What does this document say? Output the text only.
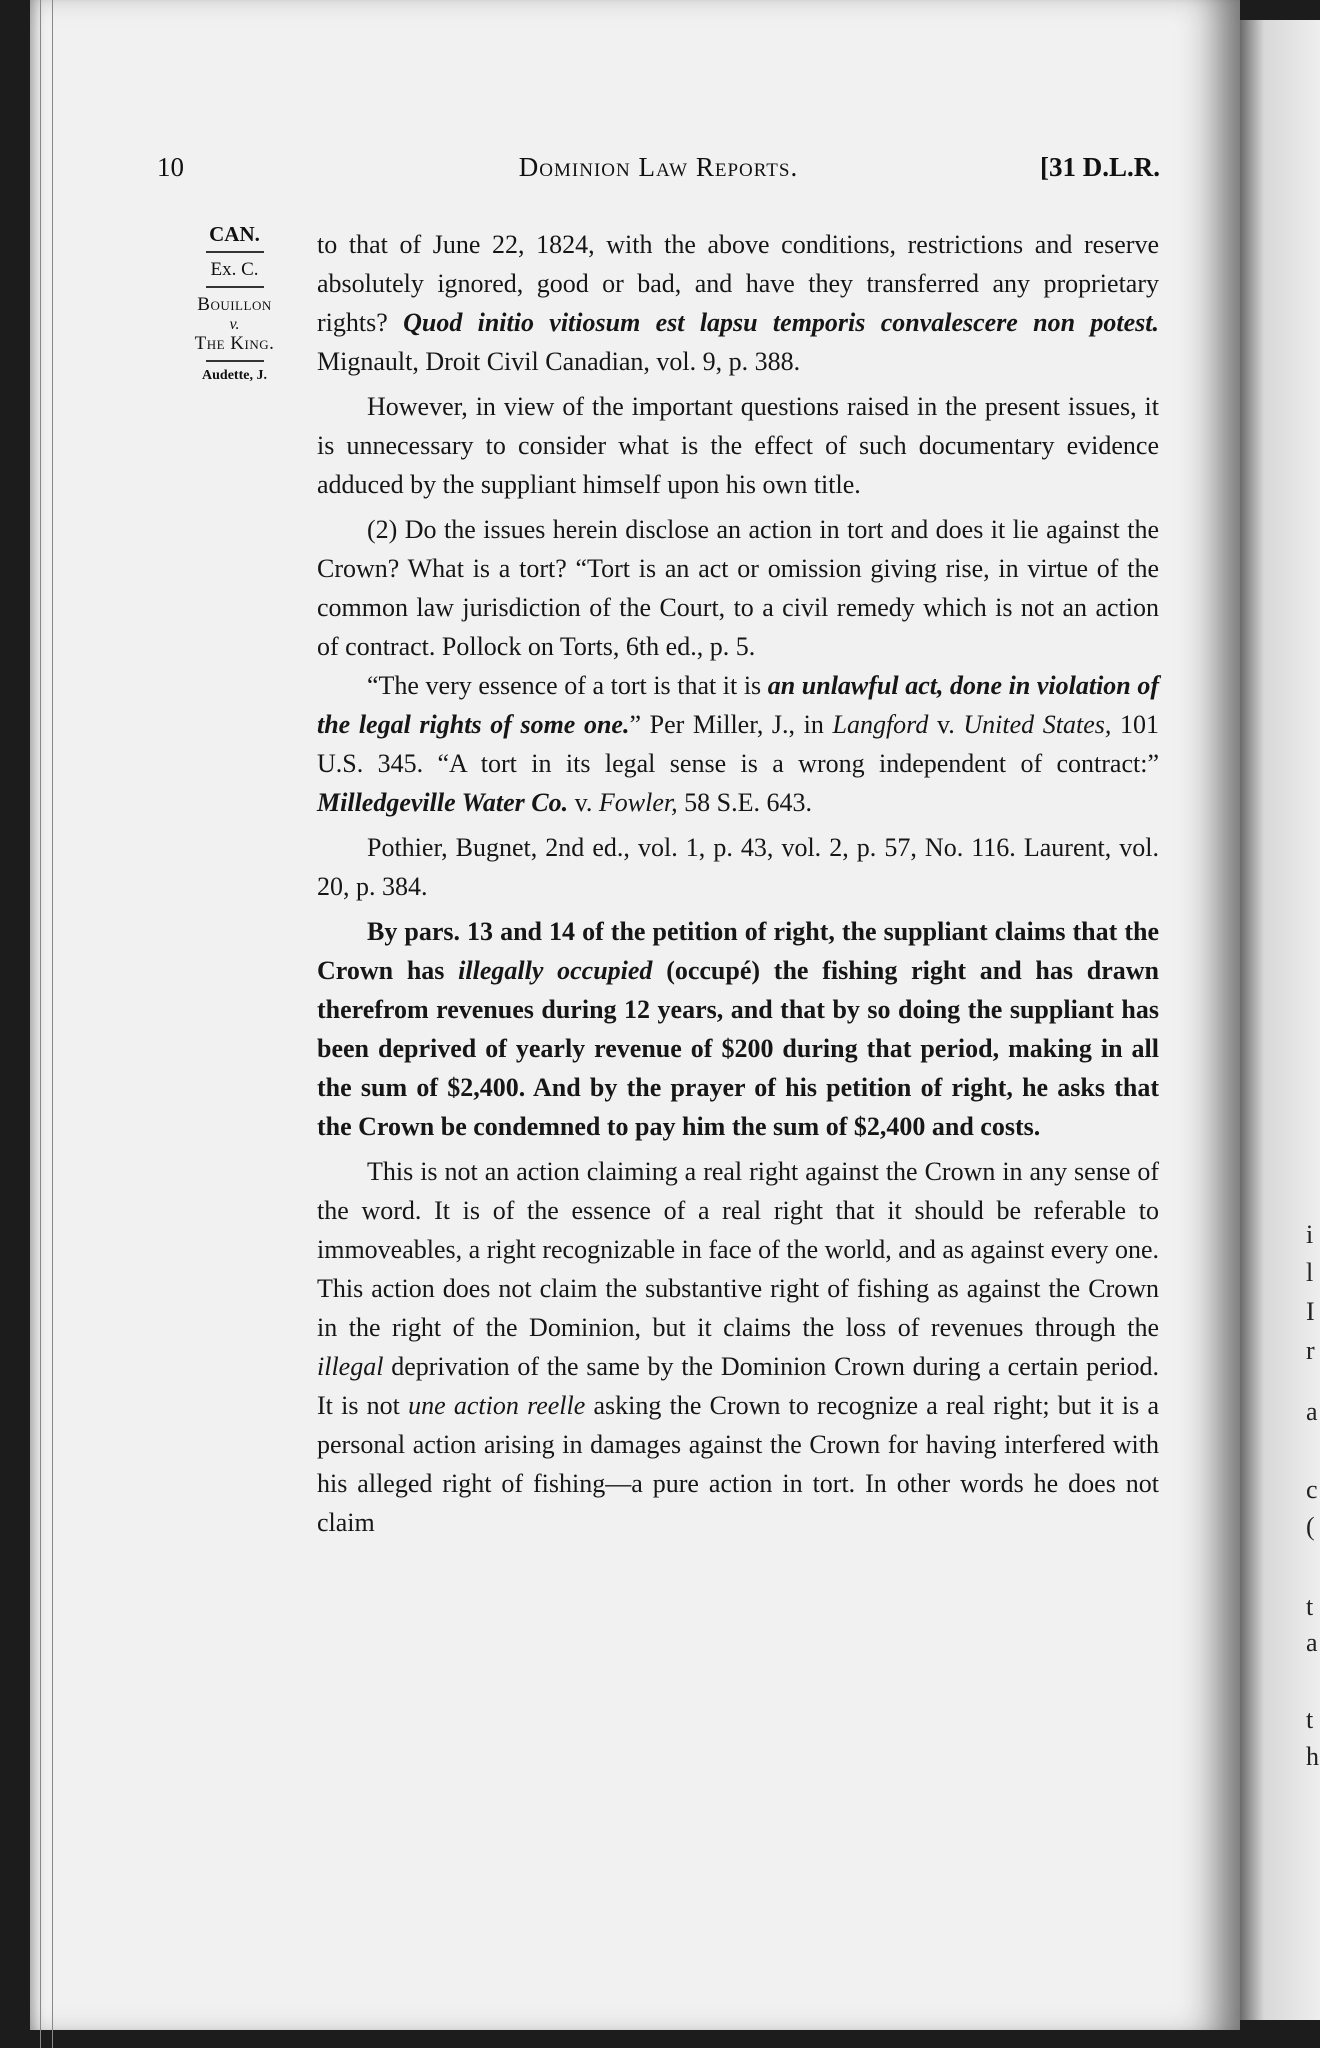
10	Dominion Law Reports.	[31 D.L.R.
CAN.
Ex. C.
Bouillon
v.
The King.
Audette, J.

to that of June 22, 1824, with the above conditions, restrictions and reserve absolutely ignored, good or bad, and have they transferred any proprietary rights? Quod initio vitiosum est lapsu temporis convalescere non potest. Mignault, Droit Civil Canadian, vol. 9, p. 388.

However, in view of the important questions raised in the present issues, it is unnecessary to consider what is the effect of such documentary evidence adduced by the suppliant himself upon his own title.

(2) Do the issues herein disclose an action in tort and does it lie against the Crown? What is a tort? “Tort is an act or omission giving rise, in virtue of the common law jurisdiction of the Court, to a civil remedy which is not an action of contract. Pollock on Torts, 6th ed., p. 5.

“The very essence of a tort is that it is an unlawful act, done in violation of the legal rights of some one.” Per Miller, J., in Langford v. United States, 101 U.S. 345. “A tort in its legal sense is a wrong independent of contract:” Milledgeville Water Co. v. Fowler, 58 S.E. 643.

Pothier, Bugnet, 2nd ed., vol. 1, p. 43, vol. 2, p. 57, No. 116. Laurent, vol. 20, p. 384.

By pars. 13 and 14 of the petition of right, the suppliant claims that the Crown has illegally occupied (occupé) the fishing right and has drawn therefrom revenues during 12 years, and that by so doing the suppliant has been deprived of yearly revenue of $200 during that period, making in all the sum of $2,400. And by the prayer of his petition of right, he asks that the Crown be condemned to pay him the sum of $2,400 and costs.

This is not an action claiming a real right against the Crown in any sense of the word. It is of the essence of a real right that it should be referable to immoveables, a right recognizable in face of the world, and as against every one. This action does not claim the substantive right of fishing as against the Crown in the right of the Dominion, but it claims the loss of revenues through the illegal deprivation of the same by the Dominion Crown during a certain period. It is not une action reelle asking the Crown to recognize a real right; but it is a personal action arising in damages against the Crown for having interfered with his alleged right of fishing—a pure action in tort. In other words he does not claim

i
l
I
r
a
c
(
t
a
t
h
